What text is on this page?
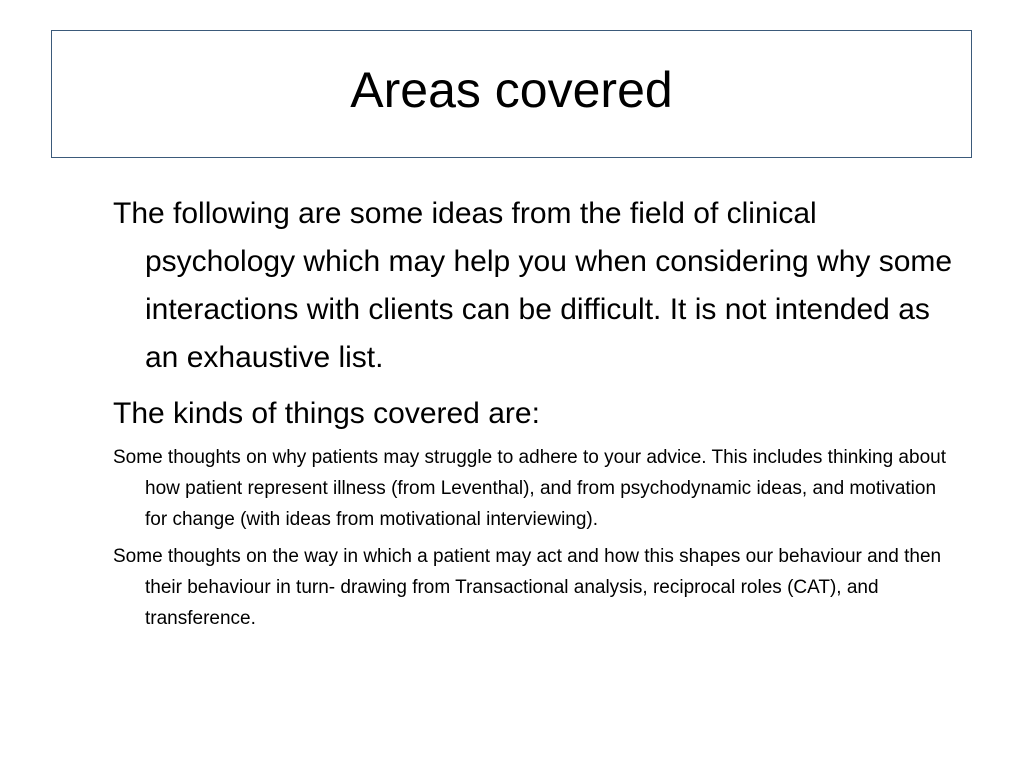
Areas covered

The following are some ideas from the field of clinical psychology which may help you when considering why some interactions with clients can be difficult. It is not intended as an exhaustive list.

The kinds of things covered are:

Some thoughts on why patients may struggle to adhere to your advice. This includes thinking about how patient represent illness (from Leventhal), and from psychodynamic ideas, and motivation for change (with ideas from motivational interviewing).

Some thoughts on the way in which a patient may act and how this shapes our behaviour and then their behaviour in turn- drawing from Transactional analysis, reciprocal roles (CAT), and transference.
